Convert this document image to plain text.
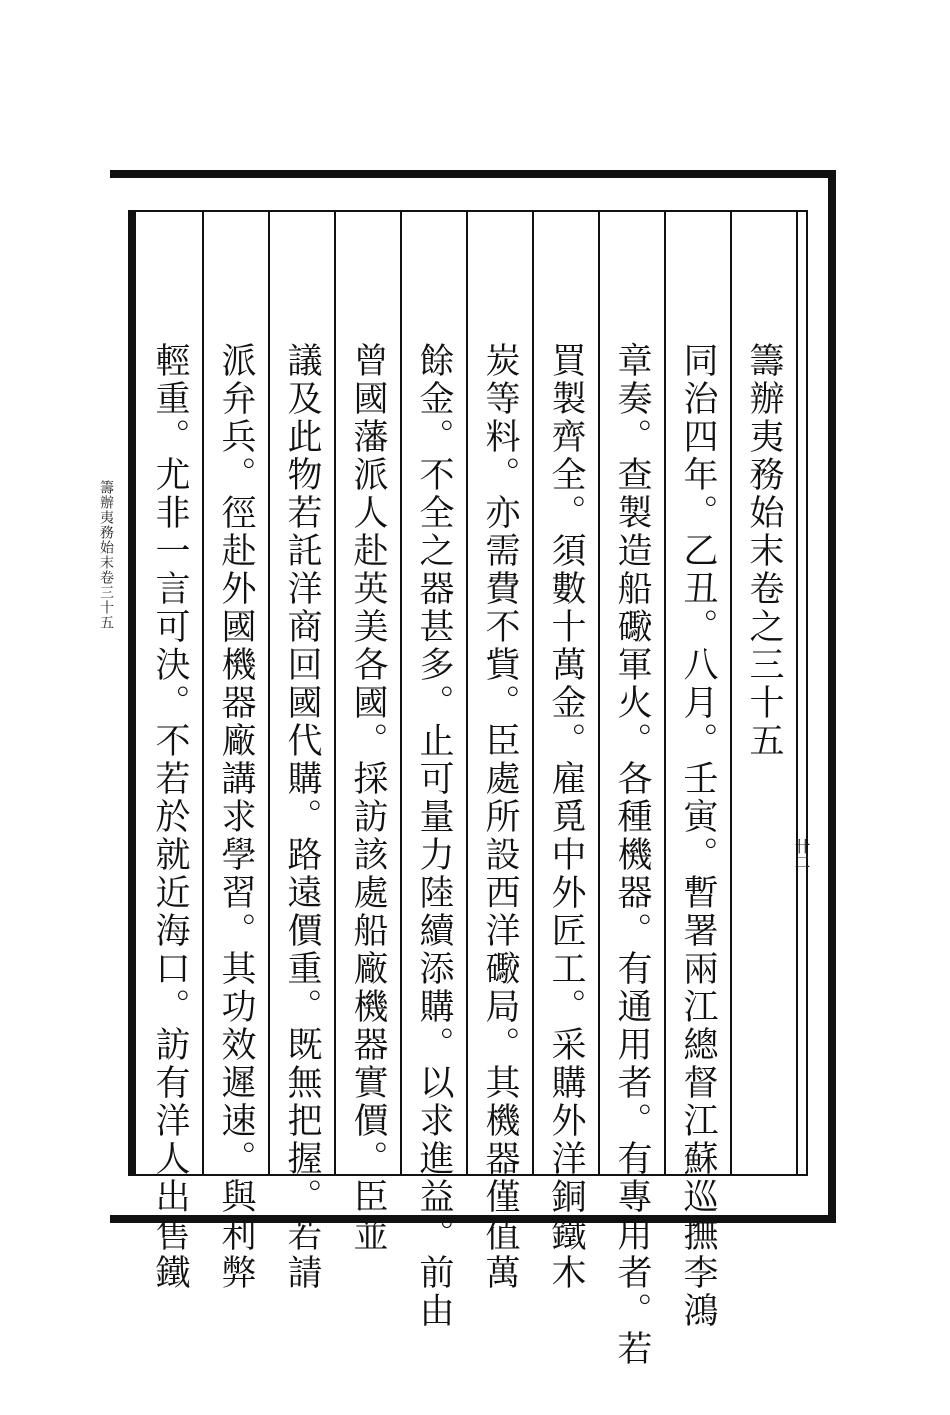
籌辦夷務始末卷三十五
卄二
籌辦夷務始末卷之三十五
同治四年。乙丑。八月。壬寅。暫署兩江總督江蘇巡撫李鴻
章奏。查製造船礮軍火。各種機器。有通用者。有專用者。若
買製齊全。須數十萬金。雇覓中外匠工。采購外洋銅鐵木
炭等料。亦需費不貲。臣處所設西洋礮局。其機器僅值萬
餘金。不全之器甚多。止可量力陸續添購。以求進益。前由
曾國藩派人赴英美各國。採訪該處船廠機器實價。臣並
議及此物若託洋商回國代購。路遠價重。既無把握。若請
派弁兵。徑赴外國機器廠講求學習。其功效遲速。與利弊
輕重。尤非一言可決。不若於就近海口。訪有洋人出售鐵
